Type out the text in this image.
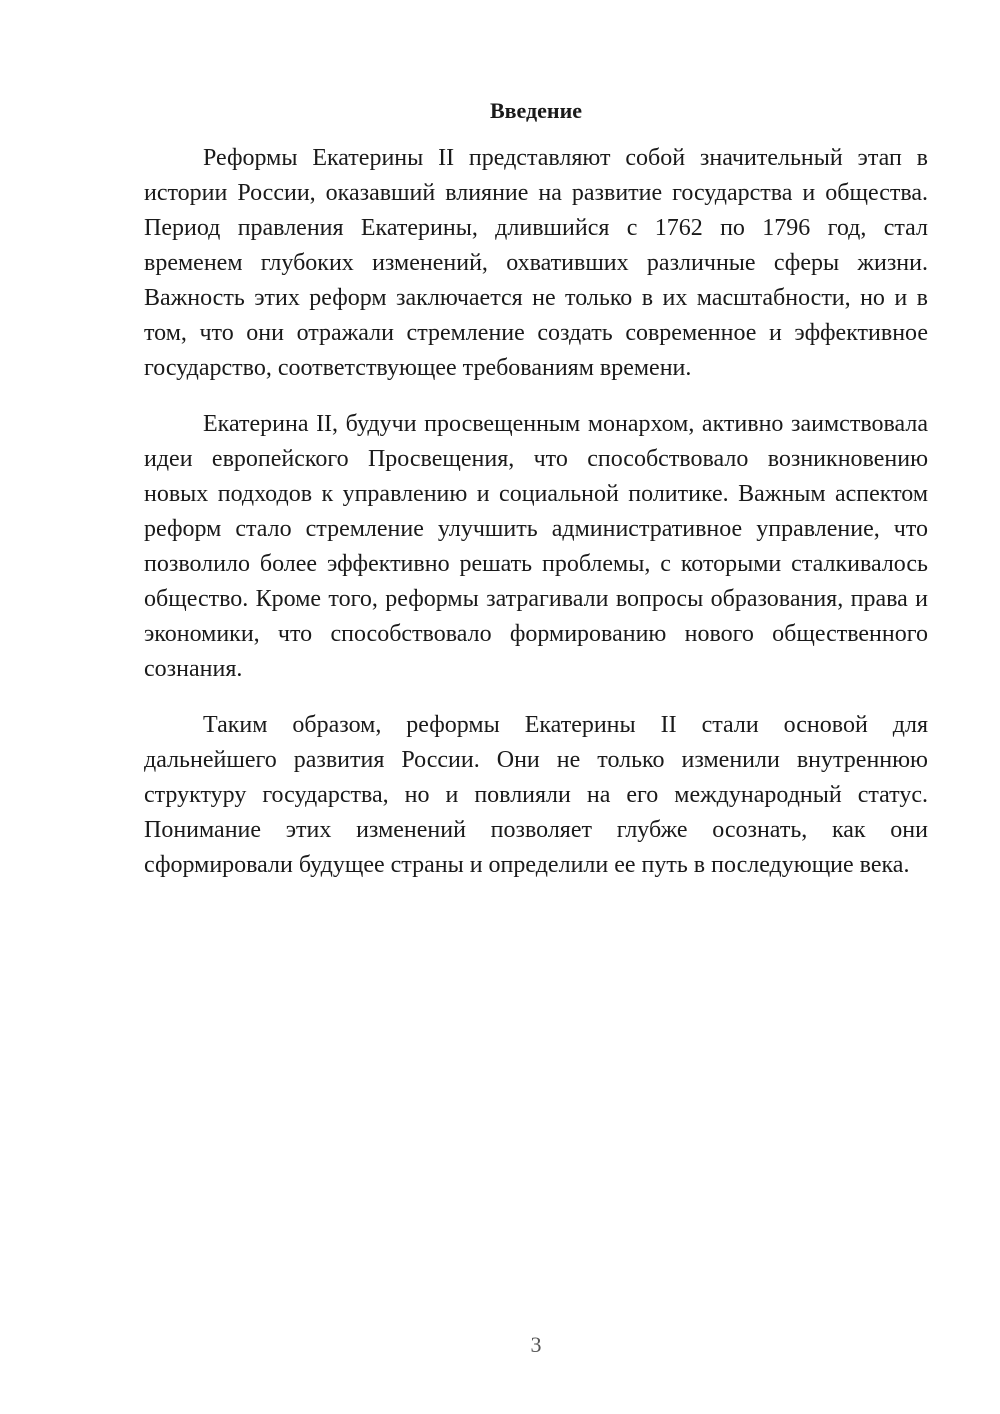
Введение

Реформы Екатерины II представляют собой значительный этап в истории России, оказавший влияние на развитие государства и общества. Период правления Екатерины, длившийся с 1762 по 1796 год, стал временем глубоких изменений, охвативших различные сферы жизни. Важность этих реформ заключается не только в их масштабности, но и в том, что они отражали стремление создать современное и эффективное государство, соответствующее требованиям времени.

Екатерина II, будучи просвещенным монархом, активно заимствовала идеи европейского Просвещения, что способствовало возникновению новых подходов к управлению и социальной политике. Важным аспектом реформ стало стремление улучшить административное управление, что позволило более эффективно решать проблемы, с которыми сталкивалось общество. Кроме того, реформы затрагивали вопросы образования, права и экономики, что способствовало формированию нового общественного сознания.

Таким образом, реформы Екатерины II стали основой для дальнейшего развития России. Они не только изменили внутреннюю структуру государства, но и повлияли на его международный статус. Понимание этих изменений позволяет глубже осознать, как они сформировали будущее страны и определили ее путь в последующие века.

3
